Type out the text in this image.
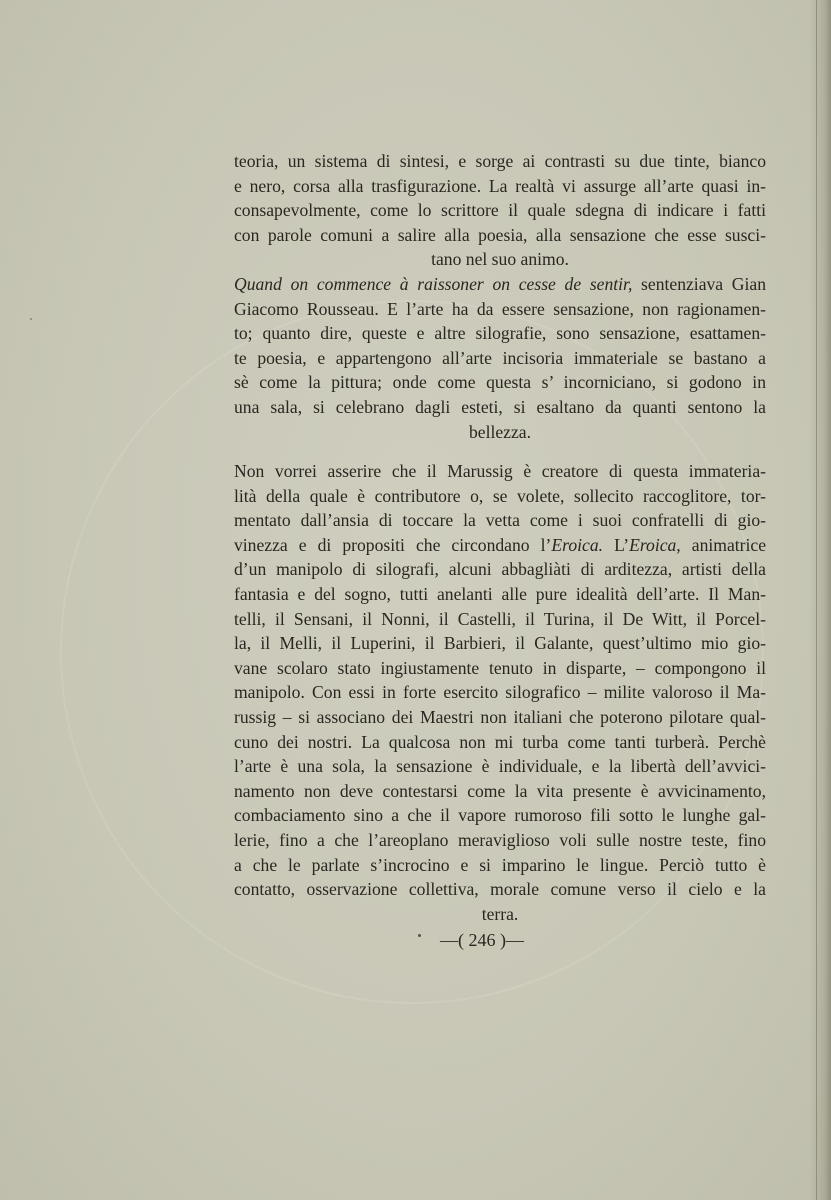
teoria, un sistema di sintesi, e sorge ai contrasti su due tinte, bianco
e nero, corsa alla trasfigurazione. La realtà vi assurge all’arte quasi in-
consapevolmente, come lo scrittore il quale sdegna di indicare i fatti
con parole comuni a salire alla poesia, alla sensazione che esse susci-
tano nel suo animo.
Quand on commence à raissoner on cesse de sentir, sentenziava Gian
Giacomo Rousseau. E l’arte ha da essere sensazione, non ragionamen-
to; quanto dire, queste e altre silografie, sono sensazione, esattamen-
te poesia, e appartengono all’arte incisoria immateriale se bastano a
sè come la pittura; onde come questa s’ incorniciano, si godono in
una sala, si celebrano dagli esteti, si esaltano da quanti sentono la
bellezza.
Non vorrei asserire che il Marussig è creatore di questa immateria-
lità della quale è contributore o, se volete, sollecito raccoglitore, tor-
mentato dall’ansia di toccare la vetta come i suoi confratelli di gio-
vinezza e di propositi che circondano l’Eroica. L’Eroica, animatrice
d’un manipolo di silografi, alcuni abbagliàti di arditezza, artisti della
fantasia e del sogno, tutti anelanti alle pure idealità dell’arte. Il Man-
telli, il Sensani, il Nonni, il Castelli, il Turina, il De Witt, il Porcel-
la, il Melli, il Luperini, il Barbieri, il Galante, quest’ultimo mio gio-
vane scolaro stato ingiustamente tenuto in disparte, – compongono il
manipolo. Con essi in forte esercito silografico – milite valoroso il Ma-
russig – si associano dei Maestri non italiani che poterono pilotare qual-
cuno dei nostri. La qualcosa non mi turba come tanti turberà. Perchè
l’arte è una sola, la sensazione è individuale, e la libertà dell’avvici-
namento non deve contestarsi come la vita presente è avvicinamento,
combaciamento sino a che il vapore rumoroso fili sotto le lunghe gal-
lerie, fino a che l’areoplano meraviglioso voli sulle nostre teste, fino
a che le parlate s’incrocino e si imparino le lingue. Perciò tutto è
contatto, osservazione collettiva, morale comune verso il cielo e la
terra.
—( 246 )—
